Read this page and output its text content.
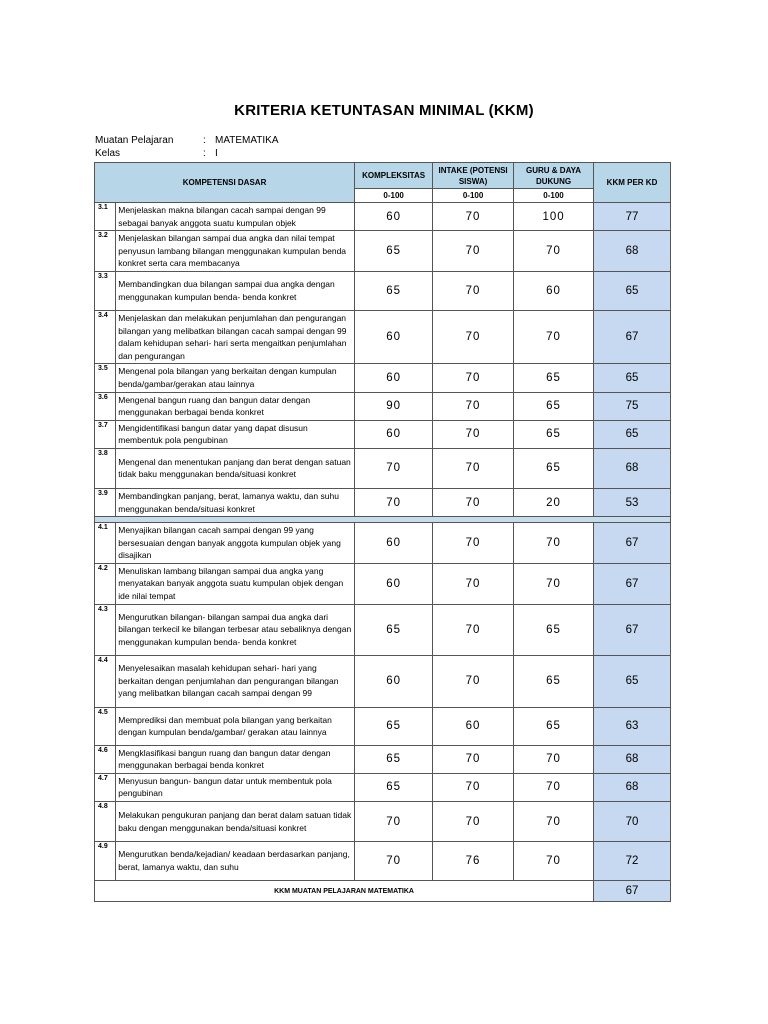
KRITERIA KETUNTASAN MINIMAL (KKM)
Muatan Pelajaran	: MATEMATIKA
Kelas	: I
KOMPETENSI DASAR		KOMPLEKSITAS	INTAKE (POTENSI SISWA)	GURU & DAYA DUKUNG	KKM PER KD
		0-100	0-100	0-100	
3.1	Menjelaskan makna bilangan cacah sampai dengan 99 sebagai banyak anggota suatu kumpulan objek	60	70	100	77
3.2	Menjelaskan bilangan sampai dua angka dan nilai tempat penyusun lambang bilangan menggunakan kumpulan benda konkret serta cara membacanya	65	70	70	68
3.3	Membandingkan dua bilangan sampai dua angka dengan menggunakan kumpulan benda- benda konkret	65	70	60	65
3.4	Menjelaskan dan melakukan penjumlahan dan pengurangan bilangan yang melibatkan bilangan cacah sampai dengan 99 dalam kehidupan sehari- hari serta mengaitkan penjumlahan dan pengurangan	60	70	70	67
3.5	Mengenal pola bilangan yang berkaitan dengan kumpulan benda/gambar/gerakan atau lainnya	60	70	65	65
3.6	Mengenal bangun ruang dan bangun datar dengan menggunakan berbagai benda konkret	90	70	65	75
3.7	Mengidentifikasi bangun datar yang dapat disusun membentuk pola pengubinan	60	70	65	65
3.8	Mengenal dan menentukan panjang dan berat dengan satuan tidak baku menggunakan benda/situasi konkret	70	70	65	68
3.9	Membandingkan panjang, berat, lamanya waktu, dan suhu menggunakan benda/situasi konkret	70	70	20	53

4.1	Menyajikan bilangan cacah sampai dengan 99 yang bersesuaian dengan banyak anggota kumpulan objek yang disajikan	60	70	70	67
4.2	Menuliskan lambang bilangan sampai dua angka yang menyatakan banyak anggota suatu kumpulan objek dengan ide nilai tempat	60	70	70	67
4.3	Mengurutkan bilangan- bilangan sampai dua angka dari bilangan terkecil ke bilangan terbesar atau sebaliknya dengan menggunakan kumpulan benda- benda konkret	65	70	65	67
4.4	Menyelesaikan masalah kehidupan sehari- hari yang berkaitan dengan penjumlahan dan pengurangan bilangan yang melibatkan bilangan cacah sampai dengan 99	60	70	65	65
4.5	Memprediksi dan membuat pola bilangan yang berkaitan dengan kumpulan benda/gambar/ gerakan atau lainnya	65	60	65	63
4.6	Mengklasifikasi bangun ruang dan bangun datar dengan menggunakan berbagai benda konkret	65	70	70	68
4.7	Menyusun bangun- bangun datar untuk membentuk pola pengubinan	65	70	70	68
4.8	Melakukan pengukuran panjang dan berat dalam satuan tidak baku dengan menggunakan benda/situasi konkret	70	70	70	70
4.9	Mengurutkan benda/kejadian/ keadaan berdasarkan panjang, berat, lamanya waktu, dan suhu	70	76	70	72
KKM MUATAN PELAJARAN MATEMATIKA					67
